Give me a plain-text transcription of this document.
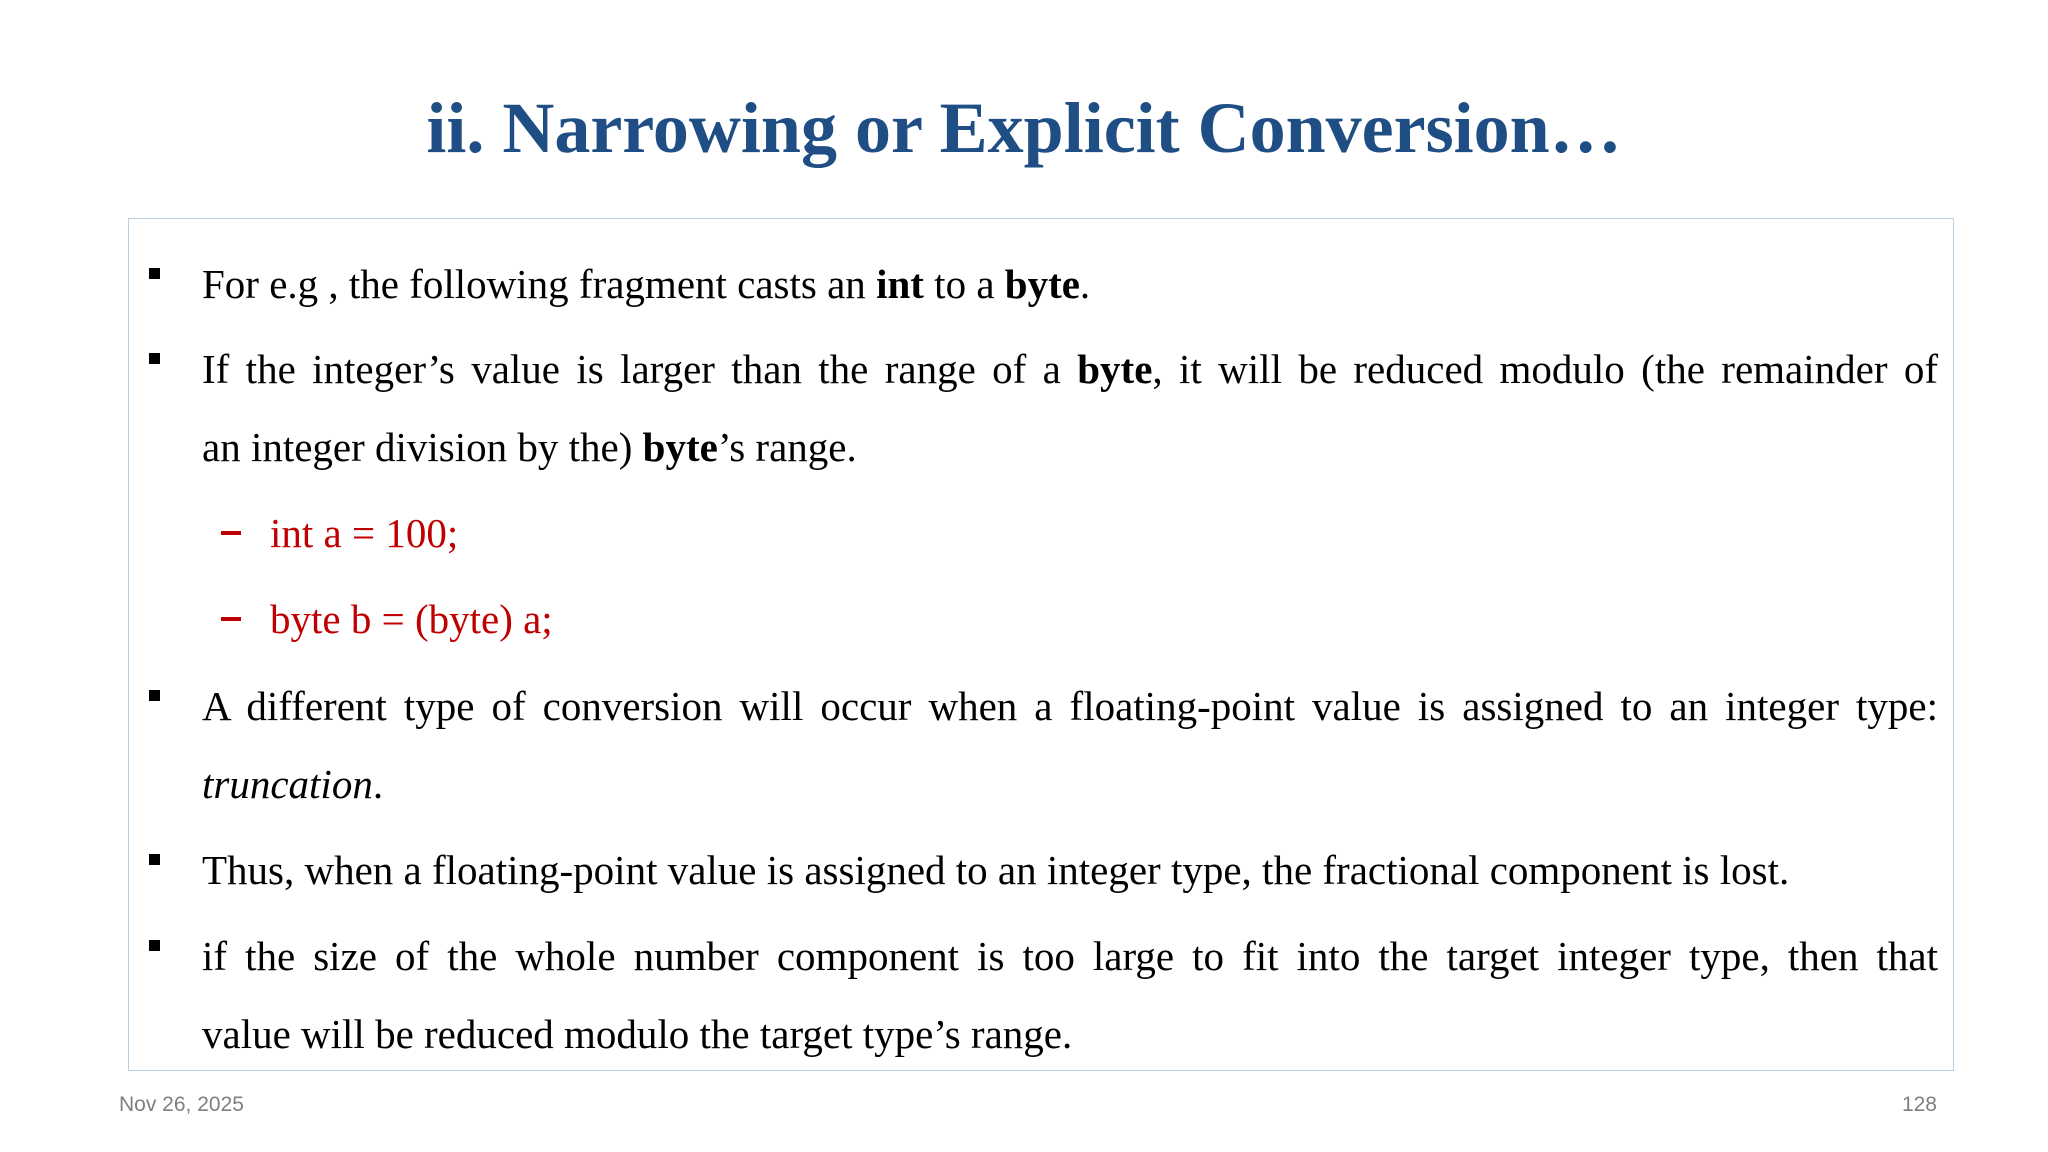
ii. Narrowing or Explicit Conversion…
For e.g , the following fragment casts an int to a byte.
If the integer’s value is larger than the range of a byte, it will be reduced modulo (the remainder of
an integer division by the) byte’s range.
int a = 100;
byte b = (byte) a;
A different type of conversion will occur when a floating-point value is assigned to an integer type:
truncation.
Thus, when a floating-point value is assigned to an integer type, the fractional component is lost.
if the size of the whole number component is too large to fit into the target integer type, then that
value will be reduced modulo the target type’s range.
Nov 26, 2025	128
